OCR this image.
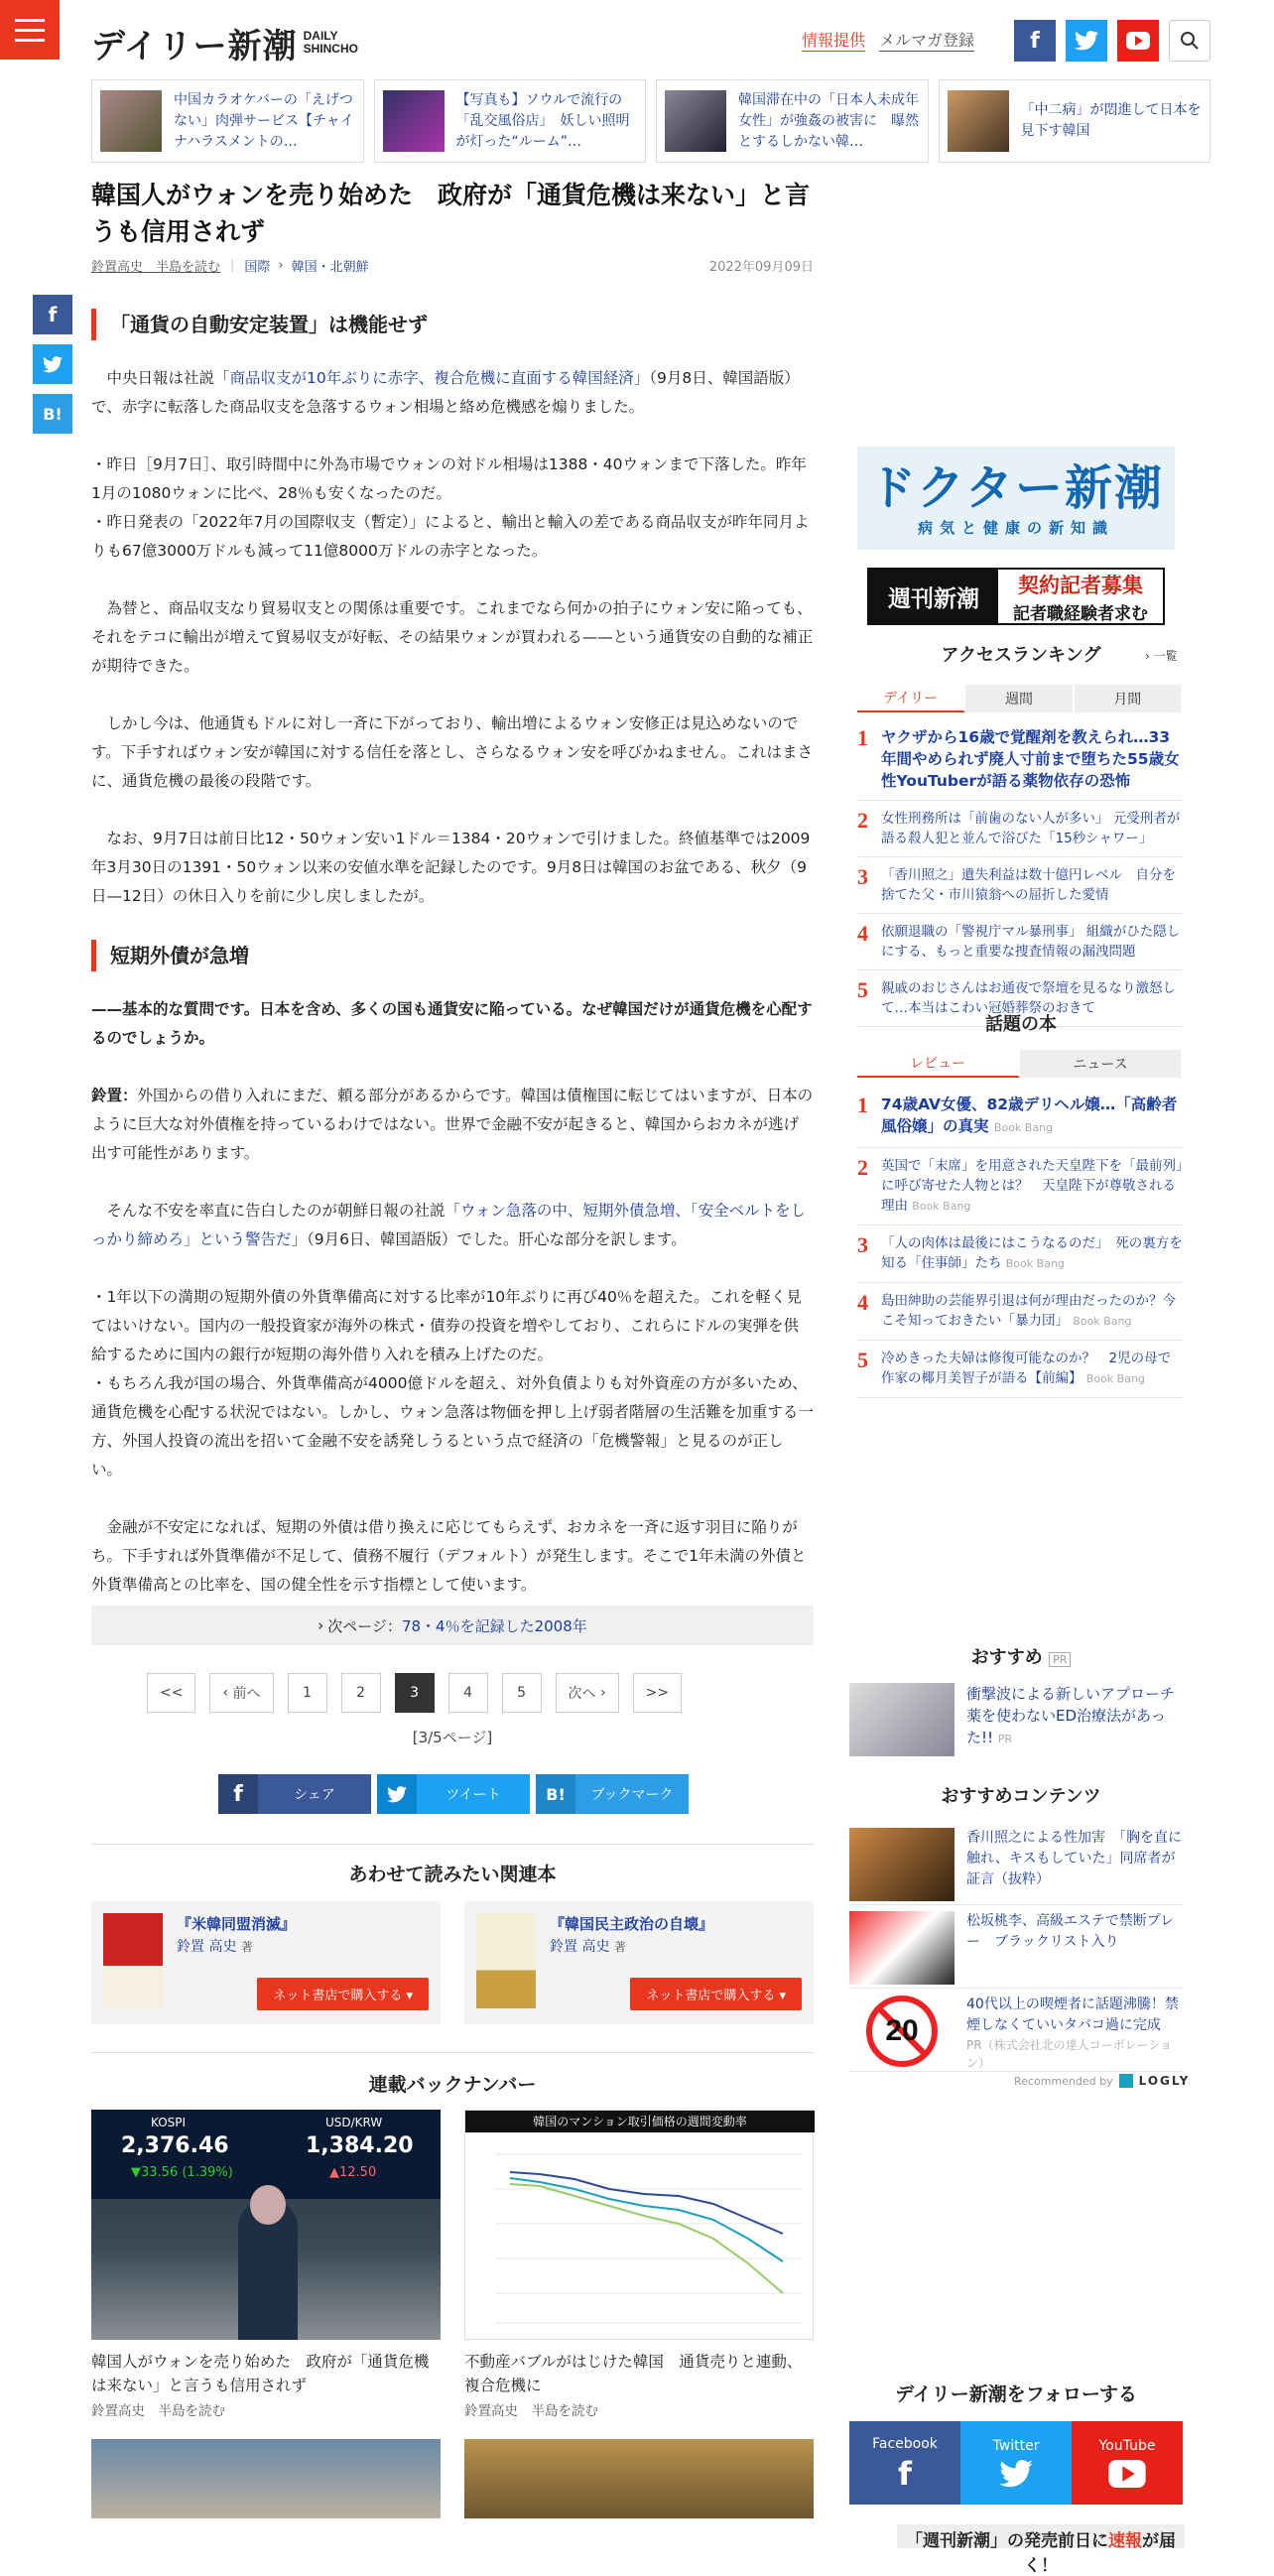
デイリー新潮 DAILY
SHINCHO	情報提供 メルマガ登録	f
中国カラオケバーの「えげつない」肉弾サービス【チャイナハラスメントの…
【写真も】ソウルで流行の「乱交風俗店」　妖しい照明が灯った“ルーム”…
韓国滞在中の「日本人未成年女性」が強姦の被害に　曝然とするしかない韓…
「中二病」が悶進して日本を見下す韓国
韓国人がウォンを売り始めた　政府が「通貨危機は来ない」と言うも信用されず
鈴置高史　半島を読む | 国際 › 韓国・北朝鮮	2022年09月09日
f
B!
「通貨の自動安定装置」は機能せず

　中央日報は社説「商品収支が10年ぶりに赤字、複合危機に直面する韓国経済」（9月8日、韓国語版）で、赤字に転落した商品収支を急落するウォン相場と絡め危機感を煽りました。

・昨日［9月7日］、取引時間中に外為市場でウォンの対ドル相場は1388・40ウォンまで下落した。昨年1月の1080ウォンに比べ、28％も安くなったのだ。

・昨日発表の「2022年7月の国際収支（暫定）」によると、輸出と輸入の差である商品収支が昨年同月よりも67億3000万ドルも減って11億8000万ドルの赤字となった。

　為替と、商品収支なり貿易収支との関係は重要です。これまでなら何かの拍子にウォン安に陥っても、それをテコに輸出が増えて貿易収支が好転、その結果ウォンが買われる——という通貨安の自動的な補正が期待できた。

　しかし今は、他通貨もドルに対し一斉に下がっており、輸出増によるウォン安修正は見込めないのです。下手すればウォン安が韓国に対する信任を落とし、さらなるウォン安を呼びかねません。これはまさに、通貨危機の最後の段階です。

　なお、9月7日は前日比12・50ウォン安い1ドル＝1384・20ウォンで引けました。終値基準では2009年3月30日の1391・50ウォン以来の安値水準を記録したのです。9月8日は韓国のお盆である、秋夕（9日—12日）の休日入りを前に少し戻しましたが。

短期外債が急増

——基本的な質問です。日本を含め、多くの国も通貨安に陥っている。なぜ韓国だけが通貨危機を心配するのでしょうか。

鈴置：外国からの借り入れにまだ、頼る部分があるからです。韓国は債権国に転じてはいますが、日本のように巨大な対外債権を持っているわけではない。世界で金融不安が起きると、韓国からおカネが逃げ出す可能性があります。

　そんな不安を率直に告白したのが朝鮮日報の社説「ウォン急落の中、短期外債急増、「安全ベルトをしっかり締めろ」という警告だ」（9月6日、韓国語版）でした。肝心な部分を訳します。

・1年以下の満期の短期外債の外貨準備高に対する比率が10年ぶりに再び40％を超えた。これを軽く見てはいけない。国内の一般投資家が海外の株式・債券の投資を増やしており、これらにドルの実弾を供給するために国内の銀行が短期の海外借り入れを積み上げたのだ。

・もちろん我が国の場合、外貨準備高が4000億ドルを超え、対外負債よりも対外資産の方が多いため、通貨危機を心配する状況ではない。しかし、ウォン急落は物価を押し上げ弱者階層の生活難を加重する一方、外国人投資の流出を招いて金融不安を誘発しうるという点で経済の「危機警報」と見るのが正しい。

　金融が不安定になれば、短期の外債は借り換えに応じてもらえず、おカネを一斉に返す羽目に陥りがち。下手すれば外貨準備が不足して、債務不履行（デフォルト）が発生します。そこで1年未満の外債と外貨準備高との比率を、国の健全性を示す指標として使います。

› 次ページ： 78・4％を記録した2008年
<<	‹ 前へ	1	2	3	4	5	次へ ›	>>
[3/5ページ]
f	シェア	ツイート	B!	ブックマーク
あわせて読みたい関連本
『米韓同盟消滅』
鈴置 高史 著
ネット書店で購入する ▾
『韓国民主政治の自壊』
鈴置 高史 著
ネット書店で購入する ▾
連載バックナンバー
KOSPI
2,376.46
▼33.56 (1.39%)
USD/KRW
1,384.20
▲12.50
韓国人がウォンを売り始めた　政府が「通貨危機は来ない」と言うも信用されず
鈴置高史　半島を読む
韓国のマンション取引価格の週間変動率
不動産バブルがはじけた韓国　通貨売りと連動、複合危機に
鈴置高史　半島を読む
ドクター新潮
病気と健康の新知識
週刊新潮
契約記者募集
記者職経験者求む
アクセスランキング	› 一覧
デイリー	週間	月間
1 ヤクザから16歳で覚醒剤を教えられ…33年間やめられず廃人寸前まで堕ちた55歳女性YouTuberが語る薬物依存の恐怖
2 女性刑務所は「前歯のない人が多い」 元受刑者が語る殺人犯と並んで浴びた「15秒シャワー」
3 「香川照之」遺失利益は数十億円レベル　自分を捨てた父・市川猿翁への屈折した愛情
4 依願退職の「警視庁マル暴刑事」 組織がひた隠しにする、もっと重要な捜査情報の漏洩問題
5 親戚のおじさんはお通夜で祭壇を見るなり激怒して…本当はこわい冠婚葬祭のおきて
話題の本
レビュー	ニュース
1 74歳AV女優、82歳デリヘル嬢…「高齢者風俗嬢」の真実 Book Bang
2 英国で「末席」を用意された天皇陛下を「最前列」に呼び寄せた人物とは？　天皇陛下が尊敬される理由 Book Bang
3 「人の肉体は最後にはこうなるのだ」　死の裏方を知る「住事師」たち Book Bang
4 島田紳助の芸能界引退は何が理由だったのか？今こそ知っておきたい「暴力団」 Book Bang
5 冷めきった夫婦は修復可能なのか？　2児の母で作家の椰月美智子が語る【前編】 Book Bang
おすすめ PR
衝撃波による新しいアプローチ　薬を使わないED治療法があった!! PR
おすすめコンテンツ
香川照之による性加害　「胸を直に触れ、キスもしていた」同席者が証言（抜粋）
松坂桃李、高級エステで禁断プレー　ブラックリスト入り
20
40代以上の喫煙者に話題沸騰！禁煙しなくていいタバコ過に完成
PR（株式会社北の達人コーポレーション）
Recommended by LOGLY
デイリー新潮をフォローする
Facebook
f
Twitter	YouTube
「週刊新潮」の発売前日に速報が届く！
